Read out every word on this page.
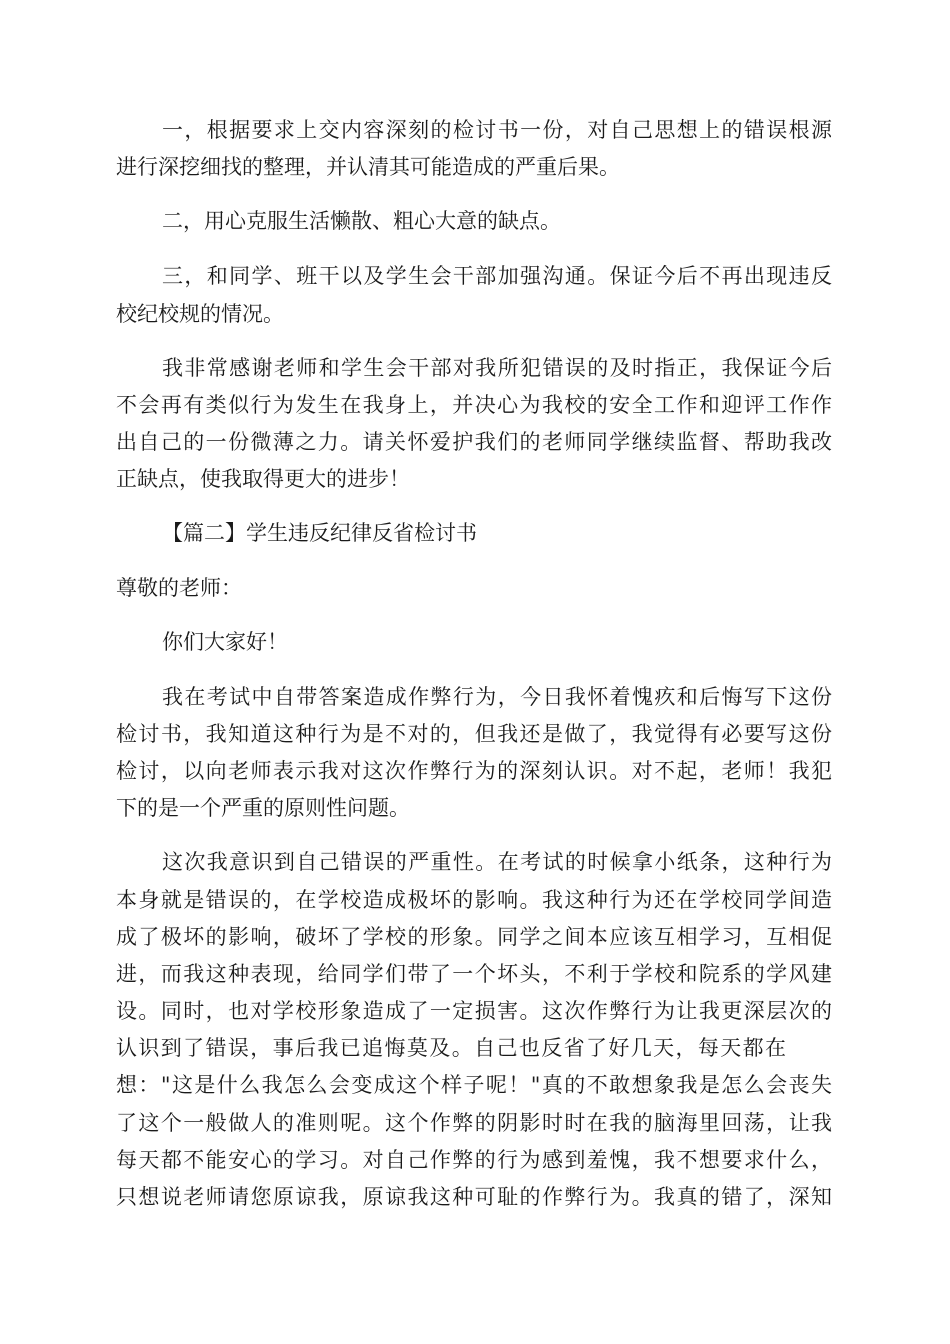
一，根据要求上交内容深刻的检讨书一份，对自己思想上的错误根源
进行深挖细找的整理，并认清其可能造成的严重后果。
二，用心克服生活懒散、粗心大意的缺点。
三，和同学、班干以及学生会干部加强沟通。保证今后不再出现违反
校纪校规的情况。
我非常感谢老师和学生会干部对我所犯错误的及时指正，我保证今后
不会再有类似行为发生在我身上，并决心为我校的安全工作和迎评工作作
出自己的一份微薄之力。请关怀爱护我们的老师同学继续监督、帮助我改
正缺点，使我取得更大的进步！
【篇二】学生违反纪律反省检讨书
尊敬的老师：
你们大家好！
我在考试中自带答案造成作弊行为，今日我怀着愧疚和后悔写下这份
检讨书，我知道这种行为是不对的，但我还是做了，我觉得有必要写这份
检讨，以向老师表示我对这次作弊行为的深刻认识。对不起，老师！我犯
下的是一个严重的原则性问题。
这次我意识到自己错误的严重性。在考试的时候拿小纸条，这种行为
本身就是错误的，在学校造成极坏的影响。我这种行为还在学校同学间造
成了极坏的影响，破坏了学校的形象。同学之间本应该互相学习，互相促
进，而我这种表现，给同学们带了一个坏头，不利于学校和院系的学风建
设。同时，也对学校形象造成了一定损害。这次作弊行为让我更深层次的
认识到了错误，事后我已追悔莫及。自己也反省了好几天，每天都在
想："这是什么我怎么会变成这个样子呢！"真的不敢想象我是怎么会丧失
了这个一般做人的准则呢。这个作弊的阴影时时在我的脑海里回荡，让我
每天都不能安心的学习。对自己作弊的行为感到羞愧，我不想要求什么，
只想说老师请您原谅我，原谅我这种可耻的作弊行为。我真的错了，深知
